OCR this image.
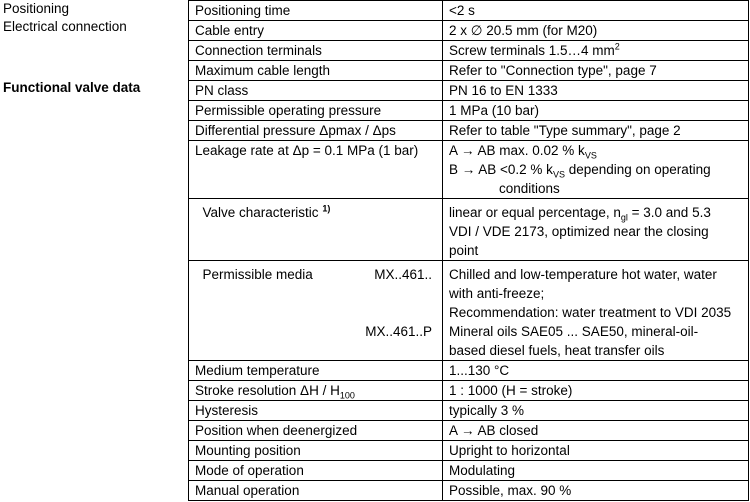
Positioning
Electrical connection
Functional valve data
Positioning time	<2 s
Cable entry	2 x ∅ 20.5 mm (for M20)
Connection terminals	Screw terminals 1.5…4 $mm^2$
Maximum cable length	Refer to "Connection type", page 7
PN class	PN 16 to EN 1333
Permissible operating pressure	1 MPa (10 bar)
Differential pressure Δpmax / Δps	Refer to table "Type summary", page 2
Leakage rate at Δp = 0.1 MPa (1 bar)	A → AB max. 0.02 % $k_{VS}$
B → AB <0.2 % $k_{VS}$ depending on operating
conditions

Valve characteristic $^{1)}$	linear or equal percentage, $n_{gl} = 3.0$ and 5.3
VDI / VDE 2173, optimized near the closing
point

Permissible media MX..461..
MX..461..P	Chilled and low-temperature hot water, water
with anti-freeze;
Recommendation: water treatment to VDI 2035
Mineral oils SAE05 ... SAE50, mineral-oil-
based diesel fuels, heat transfer oils

Medium temperature	1...130 °C
Stroke resolution ΔH / $H_{100}$	1 : 1000 (H = stroke)
Hysteresis	typically 3 %
Position when deenergized	A → AB closed
Mounting position	Upright to horizontal
Mode of operation	Modulating
Manual operation	Possible, max. 90 %
